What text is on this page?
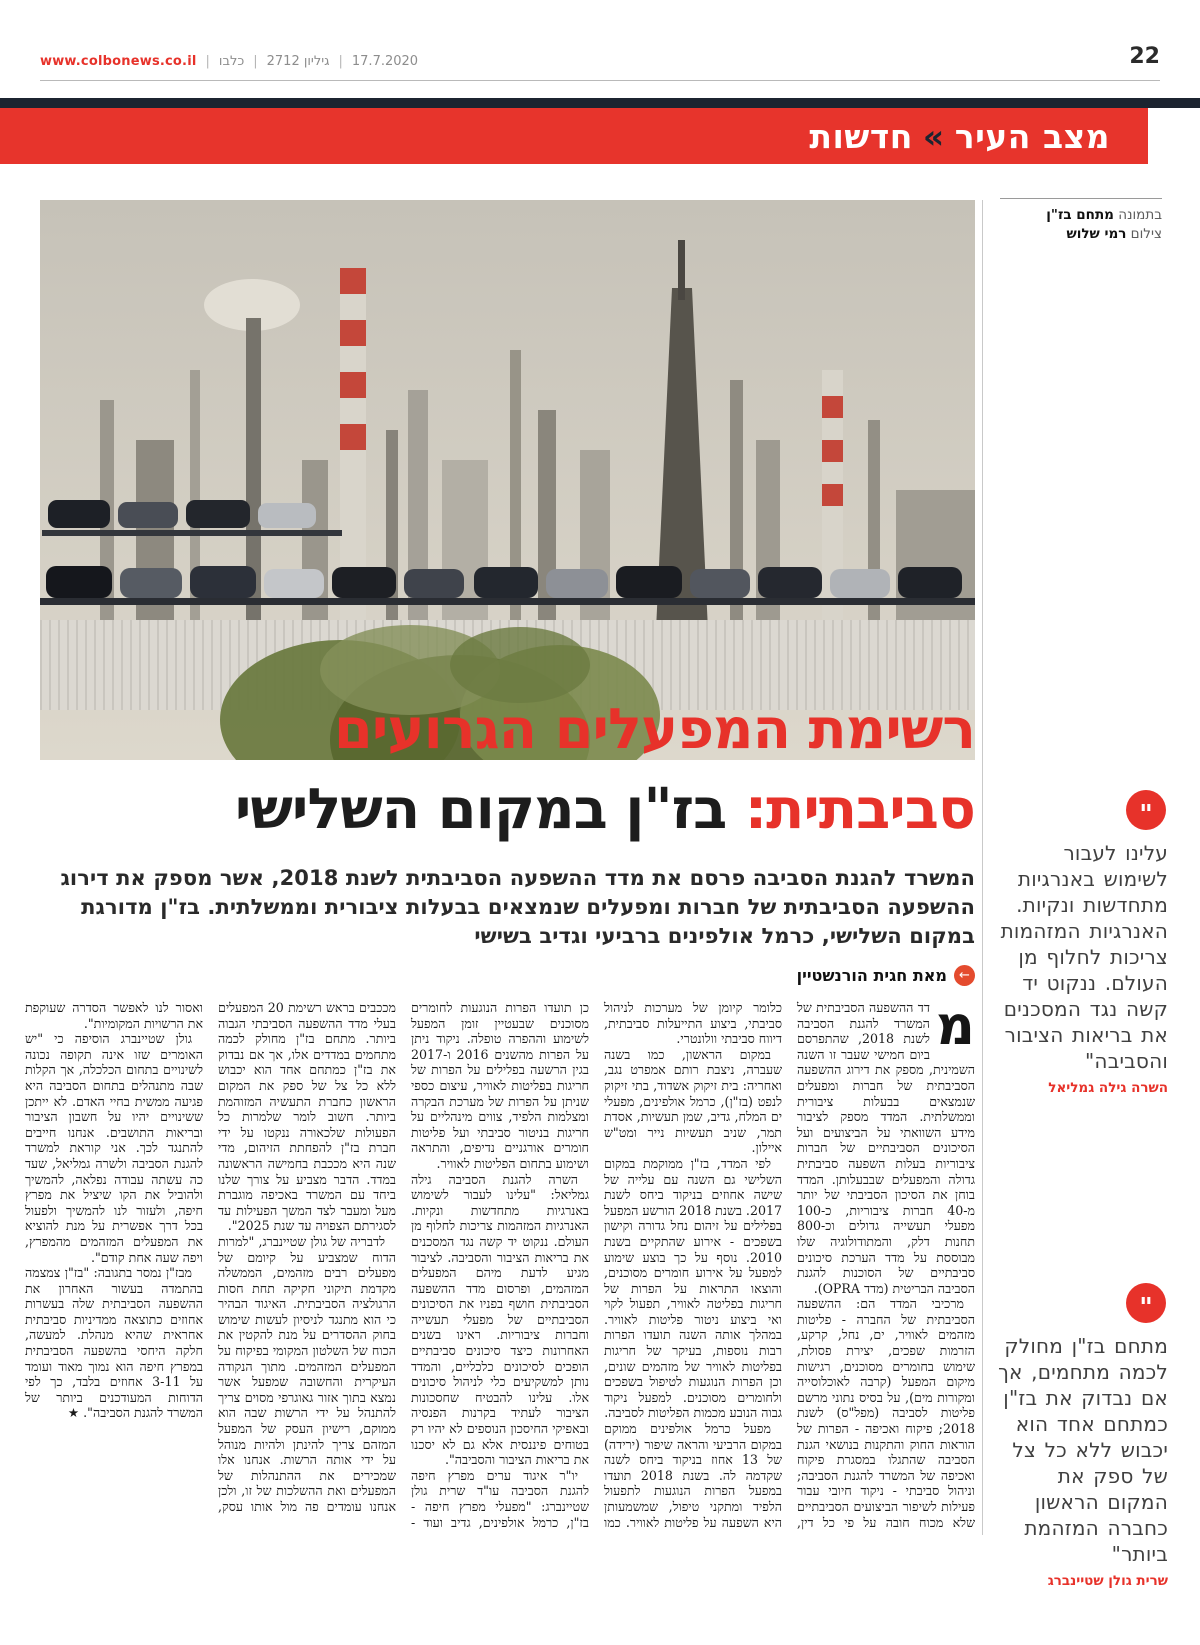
www.colbonews.co.il | כלבו | גיליון 2712 | 17.7.2020	22
מצב העיר
«
חדשות
בתמונה מתחם בז"ן
צילום רמי שלוש
"
עלינו לעבור לשימוש באנרגיות מתחדשות ונקיות. האנרגיות המזהמות צריכות לחלוף מן העולם. ננקוט יד קשה נגד המסכנים את בריאות הציבור והסביבה"
השרה גילה גמליאל
"
מתחם בז"ן מחולק לכמה מתחמים, אך אם נבדוק את בז"ן כמתחם אחד הוא יכבוש ללא כל צל של ספק את המקום הראשון כחברה המזהמת ביותר"
שרית גולן שטיינברג
רשימת המפעלים הגרועים
סביבתית: בז"ן במקום השלישי
המשרד להגנת הסביבה פרסם את מדד ההשפעה הסביבתית לשנת 2018, אשר מספק את דירוג ההשפעה הסביבתית של חברות ומפעלים שנמצאים בבעלות ציבורית וממשלתית. בז"ן מדורגת במקום השלישי, כרמל אולפינים ברביעי וגדיב בשישי
←
מאת חגית הורנשטיין

מ
דד ההשפעה הסביבתית של המשרד להגנת הסביבה לשנת 2018, שהתפרסם ביום חמישי שעבר זו השנה השמינית, מספק את דירוג ההשפעה הסביבתית של חברות ומפעלים שנמצאים בבעלות ציבורית וממשלתית. המדד מספק לציבור מידע השוואתי על הביצועים ועל הסיכונים הסביבתיים של חברות ציבוריות בעלות השפעה סביבתית גדולה והמפעלים שבבעלותן. המדד בוחן את הסיכון הסביבתי של יותר מ-40 חברות ציבוריות, כ-100 מפעלי תעשייה גדולים וכ-800 תחנות דלק, והמתודולוגיה שלו מבוססת על מדד הערכת סיכונים סביבתיים של הסוכנות להגנת הסביבה הבריטית (מדד OPRA).

מרכיבי המדד הם: ההשפעה הסביבתית של החברה - פליטות מזהמים לאוויר, ים, נחל, קרקע, הזרמות שפכים, יצירת פסולת, שימוש בחומרים מסוכנים, רגישות מיקום המפעל (קרבה לאוכלוסייה ומקורות מים), על בסיס נתוני מרשם פליטות לסביבה (מפל"ס) לשנת 2018; פיקוח ואכיפה - הפרות של הוראות החוק והתקנות בנושאי הגנת הסביבה שהתגלו במסגרת פיקוח ואכיפה של המשרד להגנת הסביבה; וניהול סביבתי - ניקוד חיובי עבור פעילות לשיפור הביצועים הסביבתיים שלא מכוח חובה על פי כל דין, כלומר קיומן של מערכות לניהול סביבתי, ביצוע התייעלות סביבתית, דיווח סביבתי וולונטרי.

במקום הראשון, כמו בשנה שעברה, ניצבת רותם אמפרט נגב, ואחריה: בית זיקוק אשדוד, בתי זיקוק לנפט (בז"ן), כרמל אולפינים, מפעלי ים המלח, גדיב, שמן תעשיות, אסדת תמר, שניב תעשיות נייר ומט"ש איילון.

לפי המדד, בז"ן ממוקמת במקום השלישי גם השנה עם עלייה של שישה אחוזים בניקוד ביחס לשנת 2017. בשנת 2018 הורשע המפעל בפלילים על זיהום נחל גדורה וקישון בשפכים - אירוע שהתקיים בשנת 2010. נוסף על כך בוצע שימוע למפעל על אירוע חומרים מסוכנים, והוצאו התראות על הפרות של חריגות בפליטה לאוויר, תפעול לקוי ואי ביצוע ניטור פליטות לאוויר. במהלך אותה השנה תועדו הפרות רבות נוספות, בעיקר של חריגות בפליטות לאוויר של מזהמים שונים, וכן הפרות הנוגעות לטיפול בשפכים ולחומרים מסוכנים. למפעל ניקוד גבוה הנובע מכמות הפליטות לסביבה.

מפעל כרמל אולפינים ממוקם במקום הרביעי והראה שיפור (ירידה) של 13 אחוז בניקוד ביחס לשנה שקדמה לה. בשנת 2018 תועדו במפעל הפרות הנוגעות לתפעול הלפיד ומתקני טיפול, שמשמעותן היא השפעה על פליטות לאוויר. כמו כן תועדו הפרות הנוגעות לחומרים מסוכנים שבעטיין זומן המפעל לשימוע וההפרה טופלה. ניקוד ניתן על הפרות מהשנים 2016 ו-2017 בגין הרשעה בפלילים על הפרות של חריגות בפליטות לאוויר, עיצום כספי שניתן על הפרות של מערכת הבקרה ומצלמות הלפיד, צווים מינהליים על חריגות בניטור סביבתי ועל פליטות חומרים אורגניים נדיפים, והתראה ושימוע בתחום הפליטות לאוויר.

השרה להגנת הסביבה גילה גמליאל: "עלינו לעבור לשימוש באנרגיות מתחדשות ונקיות. האנרגיות המזהמות צריכות לחלוף מן העולם. ננקוט יד קשה נגד המסכנים את בריאות הציבור והסביבה. לציבור מגיע לדעת מיהם המפעלים המזהמים, ופרסום מדד ההשפעה הסביבתית חושף בפניו את הסיכונים הסביבתיים של מפעלי תעשייה וחברות ציבוריות. ראינו בשנים האחרונות כיצד סיכונים סביבתיים הופכים לסיכונים כלכליים, והמדד נותן למשקיעים כלי לניהול סיכונים אלו. עלינו להבטיח שחסכונות הציבור לעתיד בקרנות הפנסיה ובאפיקי החיסכון הנוספים לא יהיו רק בטוחים פיננסית אלא גם לא יסכנו את בריאות הציבור והסביבה".

יו"ר איגוד ערים מפרץ חיפה להגנת הסביבה עו"ד שרית גולן שטיינברג: "מפעלי מפרץ חיפה - בז"ן, כרמל אולפינים, גדיב ועוד - מככבים בראש רשימת 20 המפעלים בעלי מדד ההשפעה הסביבתי הגבוה ביותר. מתחם בז"ן מחולק לכמה מתחמים במדדים אלו, אך אם נבדוק את בז"ן כמתחם אחד הוא יכבוש ללא כל צל של ספק את המקום הראשון כחברת התעשיה המזוהמת ביותר. חשוב לומר שלמרות כל הפעולות שלכאורה ננקטו על ידי חברת בז"ן להפחתת הזיהום, מדי שנה היא מככבת בחמישה הראשונה במדד. הדבר מצביע על צורך שלנו ביחד עם המשרד באכיפה מוגברת מעל ומעבר לצד המשך הפעילות עד לסגירתם הצפויה עד שנת 2025".

לדבריה של גולן שטיינברג, "למרות הדוח שמצביע על קיומם של מפעלים רבים מזהמים, הממשלה מקדמת תיקוני חקיקה תחת חסות הרגולציה הסביבתית. האיגוד הבהיר כי הוא מתנגד לניסיון לעשות שימוש בחוק ההסדרים על מנת להקטין את הכוח של השלטון המקומי בפיקוח על המפעלים המזהמים. מתוך הנקודה העיקרית והחשובה שמפעל אשר נמצא בתוך אזור גאוגרפי מסוים צריך להתנהל על ידי הרשות שבה הוא ממוקם, רישיון העסק של המפעל המזהם צריך להינתן ולהיות מנוהל על ידי אותה הרשות. אנחנו אלו שמכירים את ההתנהלות של המפעלים ואת ההשלכות של זו, ולכן אנחנו עומדים פה מול אותו עסק, ואסור לנו לאפשר הסדרה שעוקפת את הרשויות המקומיות".

גולן שטיינברג הוסיפה כי "יש האומרים שזו אינה תקופה נכונה לשינויים בתחום הכלכלה, אך הקלות שבה מתנהלים בתחום הסביבה היא פגיעה ממשית בחיי האדם. לא ייתכן ששינויים יהיו על חשבון הציבור ובריאות התושבים. אנחנו חייבים להתנגד לכך. אני קוראת למשרד להגנת הסביבה ולשרה גמליאל, שעד כה עשתה עבודה נפלאה, להמשיך ולהוביל את הקו שיציל את מפרץ חיפה, ולעזור לנו להמשיך ולפעול בכל דרך אפשרית על מנת להוציא את המפעלים המזהמים מהמפרץ, ויפה שעה אחת קודם".

מבז"ן נמסר בתגובה: "בז"ן צמצמה בהתמדה בעשור האחרון את ההשפעה הסביבתית שלה בעשרות אחוזים כתוצאה ממדיניות סביבתית אחראית שהיא מנהלת. למעשה, חלקה היחסי בהשפעה הסביבתית במפרץ חיפה הוא נמוך מאוד ועומד על 3-11 אחוזים בלבד, כך לפי הדוחות המעודכנים ביותר של המשרד להגנת הסביבה". ★
